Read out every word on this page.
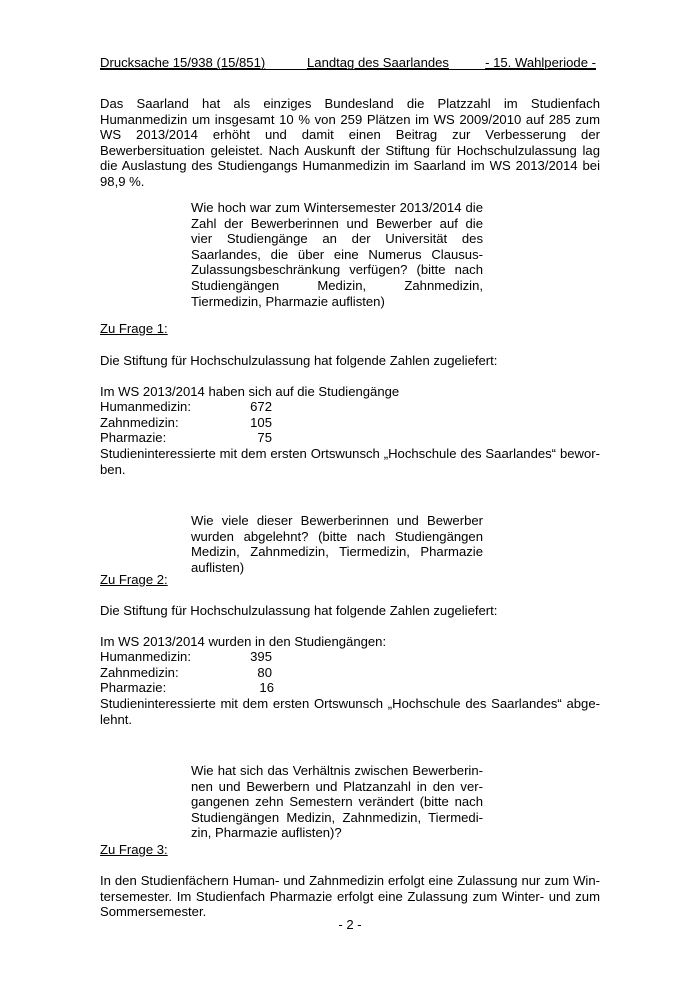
Drucksache 15/938 (15/851)	Landtag des Saarlandes	- 15. Wahlperiode -
Das Saarland hat als einziges Bundesland die Platzzahl im Studienfach Humanmedizin um insgesamt 10 % von 259 Plätzen im WS 2009/2010 auf 285 zum WS 2013/2014 erhöht und damit einen Beitrag zur Verbesserung der Bewerbersituation geleistet. Nach Auskunft der Stiftung für Hochschulzulassung lag die Auslastung des Studiengangs Humanmedizin im Saarland im WS 2013/2014 bei 98,9 %.
Wie hoch war zum Wintersemester 2013/2014 die Zahl der Bewerberinnen und Bewerber auf die vier Studiengänge an der Universität des Saarlandes, die über eine Numerus Clausus-Zulassungsbeschränkung verfügen? (bitte nach Studiengängen Medizin, Zahnmedizin, Tiermedizin, Pharmazie auflisten)
Zu Frage 1:
Die Stiftung für Hochschulzulassung hat folgende Zahlen zugeliefert:
Im WS 2013/2014 haben sich auf die Studiengänge
Humanmedizin:	672
Zahnmedizin:	105
Pharmazie:	75
Studieninteressierte mit dem ersten Ortswunsch „Hochschule des Saarlandes“ beworben.
Wie viele dieser Bewerberinnen und Bewerber wurden abgelehnt? (bitte nach Studiengängen Medizin, Zahnmedizin, Tiermedizin, Pharmazie auflisten)
Zu Frage 2:
Die Stiftung für Hochschulzulassung hat folgende Zahlen zugeliefert:
Im WS 2013/2014 wurden in den Studiengängen:
Humanmedizin:	395
Zahnmedizin:	80
Pharmazie:	16
Studieninteressierte mit dem ersten Ortswunsch „Hochschule des Saarlandes“ abgelehnt.
Wie hat sich das Verhältnis zwischen Bewerberinnen und Bewerbern und Platzanzahl in den vergangenen zehn Semestern verändert (bitte nach Studiengängen Medizin, Zahnmedizin, Tiermedizin, Pharmazie auflisten)?
Zu Frage 3:
In den Studienfächern Human- und Zahnmedizin erfolgt eine Zulassung nur zum Wintersemester. Im Studienfach Pharmazie erfolgt eine Zulassung zum Winter- und zum Sommersemester.
- 2 -
